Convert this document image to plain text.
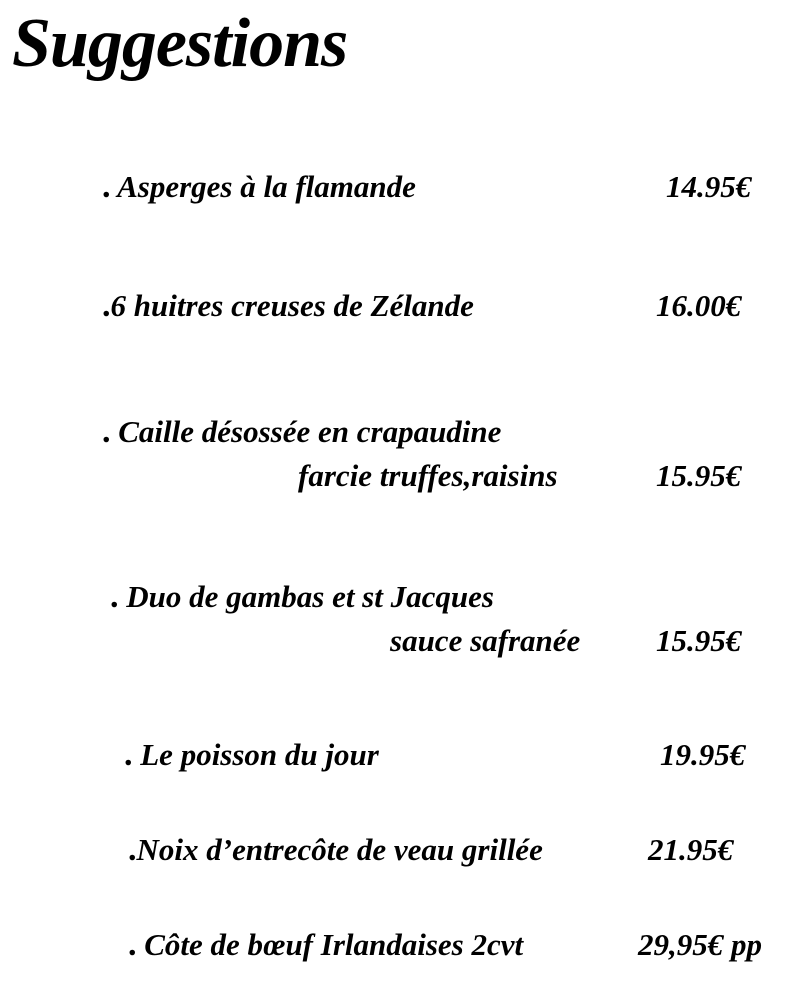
Suggestions
. Asperges à la flamande	14.95€
.6 huitres creuses de Zélande	16.00€
. Caille désossée en crapaudine
farcie truffes,raisins	15.95€
. Duo de gambas et st Jacques
sauce safranée 15.95€
. Le poisson du jour	19.95€
.Noix d’entrecôte de veau grillée	21.95€
. Côte de bœuf Irlandaises 2cvt	29,95€ pp
